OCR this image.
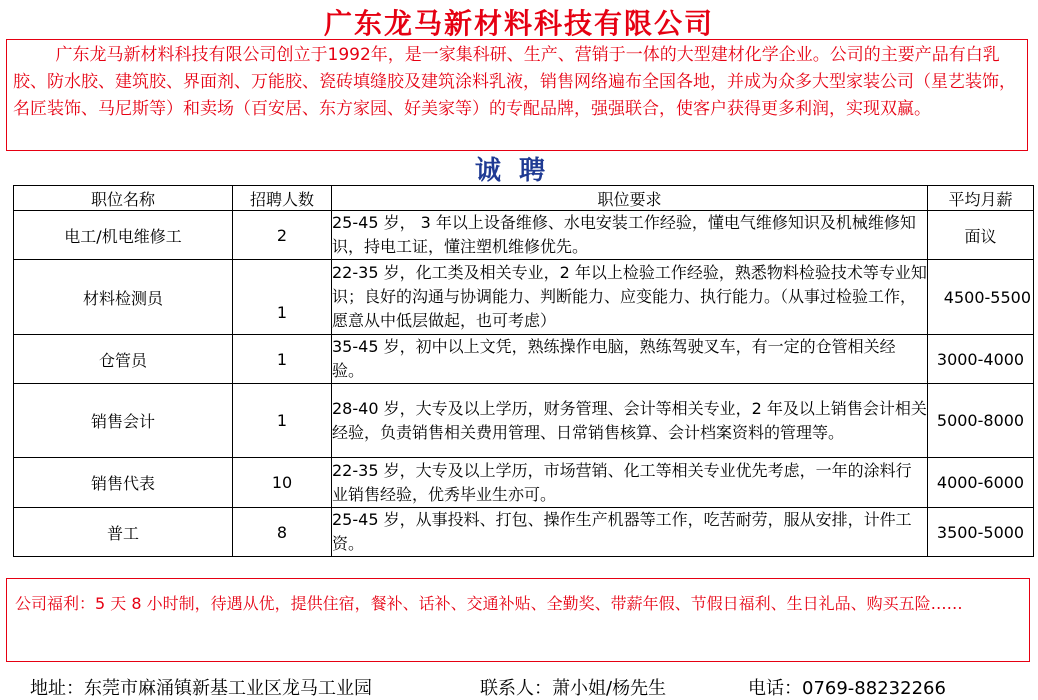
广东龙马新材料科技有限公司
广东龙马新材料科技有限公司创立于1992年，是一家集科研、生产、营销于一体的大型建材化学企业。公司的主要产品有白乳胶、防水胶、建筑胶、界面剂、万能胶、瓷砖填缝胶及建筑涂料乳液，销售网络遍布全国各地，并成为众多大型家装公司（星艺装饰，名匠装饰、马尼斯等）和卖场（百安居、东方家园、好美家等）的专配品牌，强强联合，使客户获得更多利润，实现双赢。
诚聘
职位名称	招聘人数	职位要求	平均月薪
电工/机电维修工	2	25-45 岁， 3 年以上设备维修、水电安装工作经验，懂电气维修知识及机械维修知识，持电工证，懂注塑机维修优先。	面议
材料检测员	1	22-35 岁，化工类及相关专业，2 年以上检验工作经验，熟悉物料检验技术等专业知识；良好的沟通与协调能力、判断能力、应变能力、执行能力。（从事过检验工作，愿意从中低层做起，也可考虑）	4500-5500
仓管员	1	35-45 岁，初中以上文凭，熟练操作电脑，熟练驾驶叉车，有一定的仓管相关经验。	3000-4000
销售会计	1	28-40 岁，大专及以上学历，财务管理、会计等相关专业，2 年及以上销售会计相关经验，负责销售相关费用管理、日常销售核算、会计档案资料的管理等。	5000-8000
销售代表	10	22-35 岁，大专及以上学历，市场营销、化工等相关专业优先考虑，一年的涂料行业销售经验，优秀毕业生亦可。	4000-6000
普工	8	25-45 岁，从事投料、打包、操作生产机器等工作，吃苦耐劳，服从安排，计件工资。	3500-5000
公司福利：5 天 8 小时制，待遇从优，提供住宿，餐补、话补、交通补贴、全勤奖、带薪年假、节假日福利、生日礼品、购买五险……
地址：东莞市麻涌镇新基工业区龙马工业园	联系人：萧小姐/杨先生	电话：0769-88232266
